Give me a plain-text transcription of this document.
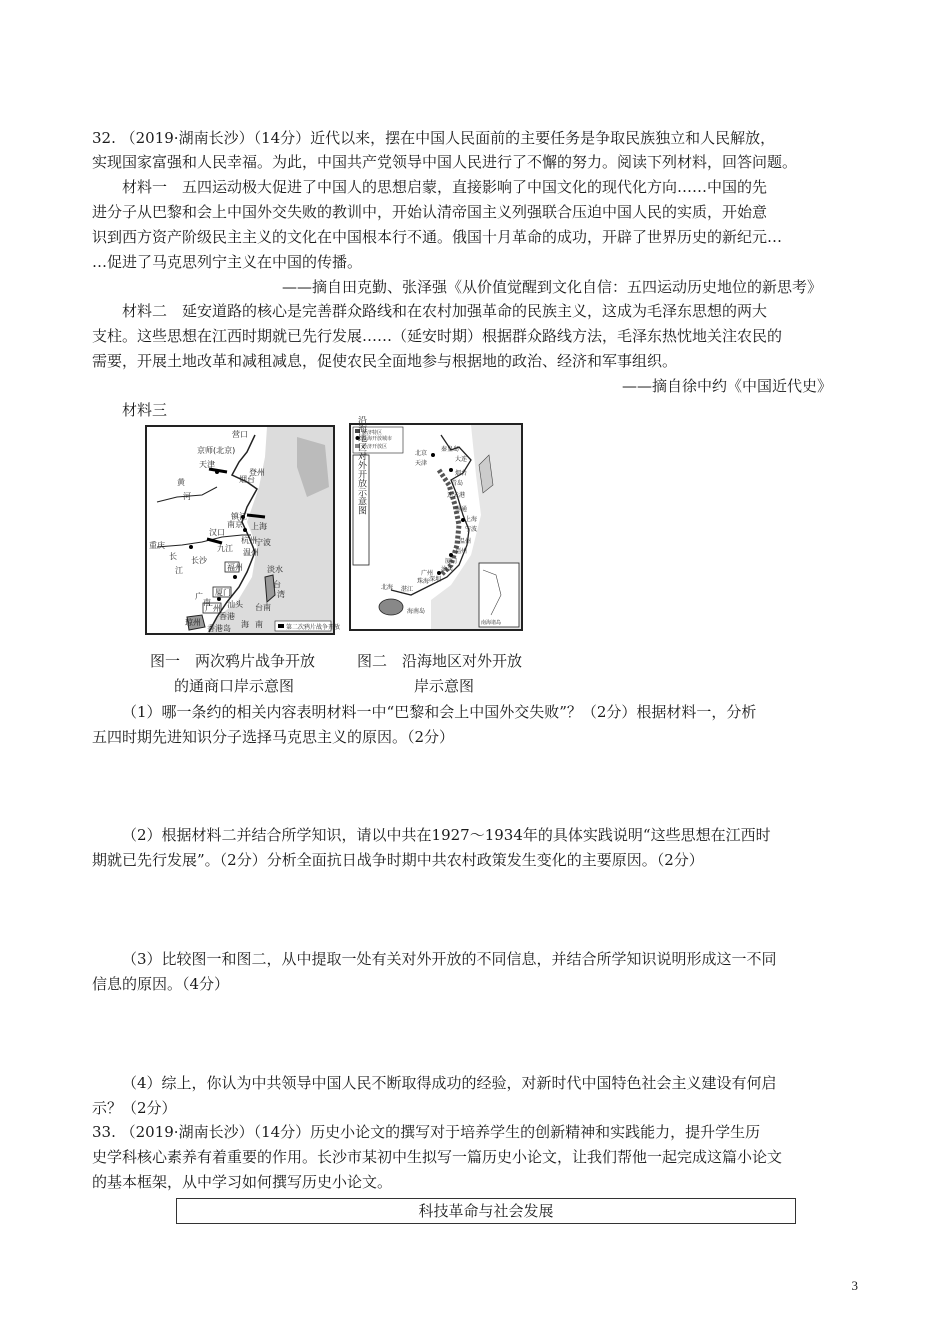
32. （2019·湖南长沙）（14分）近代以来，摆在中国人民面前的主要任务是争取民族独立和人民解放，
实现国家富强和人民幸福。为此，中国共产党领导中国人民进行了不懈的努力。阅读下列材料，回答问题。
材料一　五四运动极大促进了中国人的思想启蒙，直接影响了中国文化的现代化方向……中国的先
进分子从巴黎和会上中国外交失败的教训中，开始认清帝国主义列强联合压迫中国人民的实质，开始意
识到西方资产阶级民主主义的文化在中国根本行不通。俄国十月革命的成功，开辟了世界历史的新纪元…
…促进了马克思列宁主义在中国的传播。
——摘自田克勤、张泽强《从价值觉醒到文化自信：五四运动历史地位的新思考》
材料二　延安道路的核心是完善群众路线和在农村加强革命的民族主义，这成为毛泽东思想的两大
支柱。这些思想在江西时期就已先行发展……（延安时期）根据群众路线方法，毛泽东热忱地关注农民的
需要，开展土地改革和减租减息，促使农民全面地参与根据地的政治、经济和军事组织。
——摘自徐中约《中国近代史》
材料三
第二次鸦片战争开放
营口
京师(北京)
天津
黄
河
烟台
登州
长
江
南京
镇江
上海
汉口
九江
杭州
宁波
台
湾
温州
福州
厦门
淡水
汕头 台南
广州
香港
海 南
琼州
广
南
香港岛
重庆
长沙
经济特区
沿海开放城市
经济开放区
沿海地区对外开放示意图
南海诸岛
北京
天津
大连
秦皇岛
烟台
青岛
连云港
南通
上海
宁波
温州
福州
厦门
汕头
深圳
珠海
广州
湛江
北海
海南岛
图一　两次鸦片战争开放
的通商口岸示意图
图二　沿海地区对外开放
岸示意图
（1）哪一条约的相关内容表明材料一中“巴黎和会上中国外交失败”？（2分）根据材料一，分析
五四时期先进知识分子选择马克思主义的原因。（2分）
（2）根据材料二并结合所学知识，请以中共在1927～1934年的具体实践说明“这些思想在江西时
期就已先行发展”。（2分）分析全面抗日战争时期中共农村政策发生变化的主要原因。（2分）
（3）比较图一和图二，从中提取一处有关对外开放的不同信息，并结合所学知识说明形成这一不同
信息的原因。（4分）
（4）综上，你认为中共领导中国人民不断取得成功的经验，对新时代中国特色社会主义建设有何启
示？（2分）
33. （2019·湖南长沙）（14分）历史小论文的撰写对于培养学生的创新精神和实践能力，提升学生历
史学科核心素养有着重要的作用。长沙市某初中生拟写一篇历史小论文，让我们帮他一起完成这篇小论文
的基本框架，从中学习如何撰写历史小论文。
科技革命与社会发展
3
